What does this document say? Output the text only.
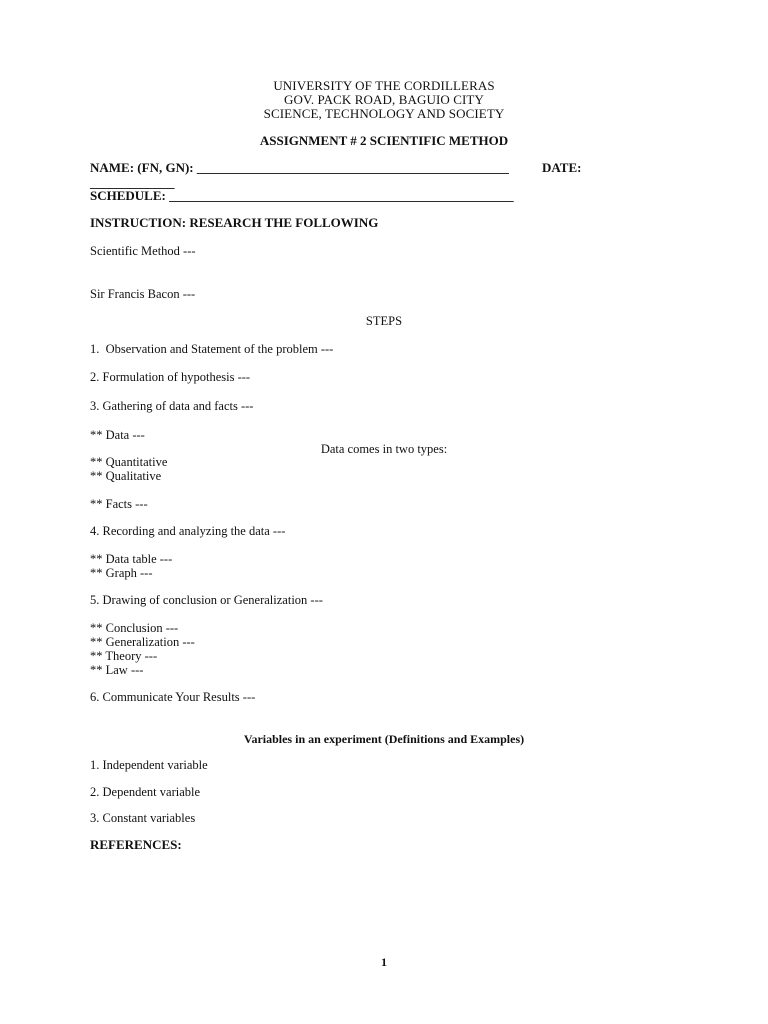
UNIVERSITY OF THE CORDILLERAS
GOV. PACK ROAD, BAGUIO CITY
SCIENCE, TECHNOLOGY AND SOCIETY
ASSIGNMENT # 2 SCIENTIFIC METHOD
NAME: (FN, GN): ________________________________________________	DATE:
_____________
SCHEDULE: _____________________________________________________
INSTRUCTION: RESEARCH THE FOLLOWING
Scientific Method ---
Sir Francis Bacon ---
STEPS
1.  Observation and Statement of the problem ---
2. Formulation of hypothesis ---
3. Gathering of data and facts ---
** Data ---
Data comes in two types:
** Quantitative
** Qualitative
** Facts ---
4. Recording and analyzing the data ---
** Data table ---
** Graph ---
5. Drawing of conclusion or Generalization ---
** Conclusion ---
** Generalization ---
** Theory ---
** Law ---
6. Communicate Your Results ---
Variables in an experiment (Definitions and Examples)
1. Independent variable
2. Dependent variable
3. Constant variables
REFERENCES:
1
